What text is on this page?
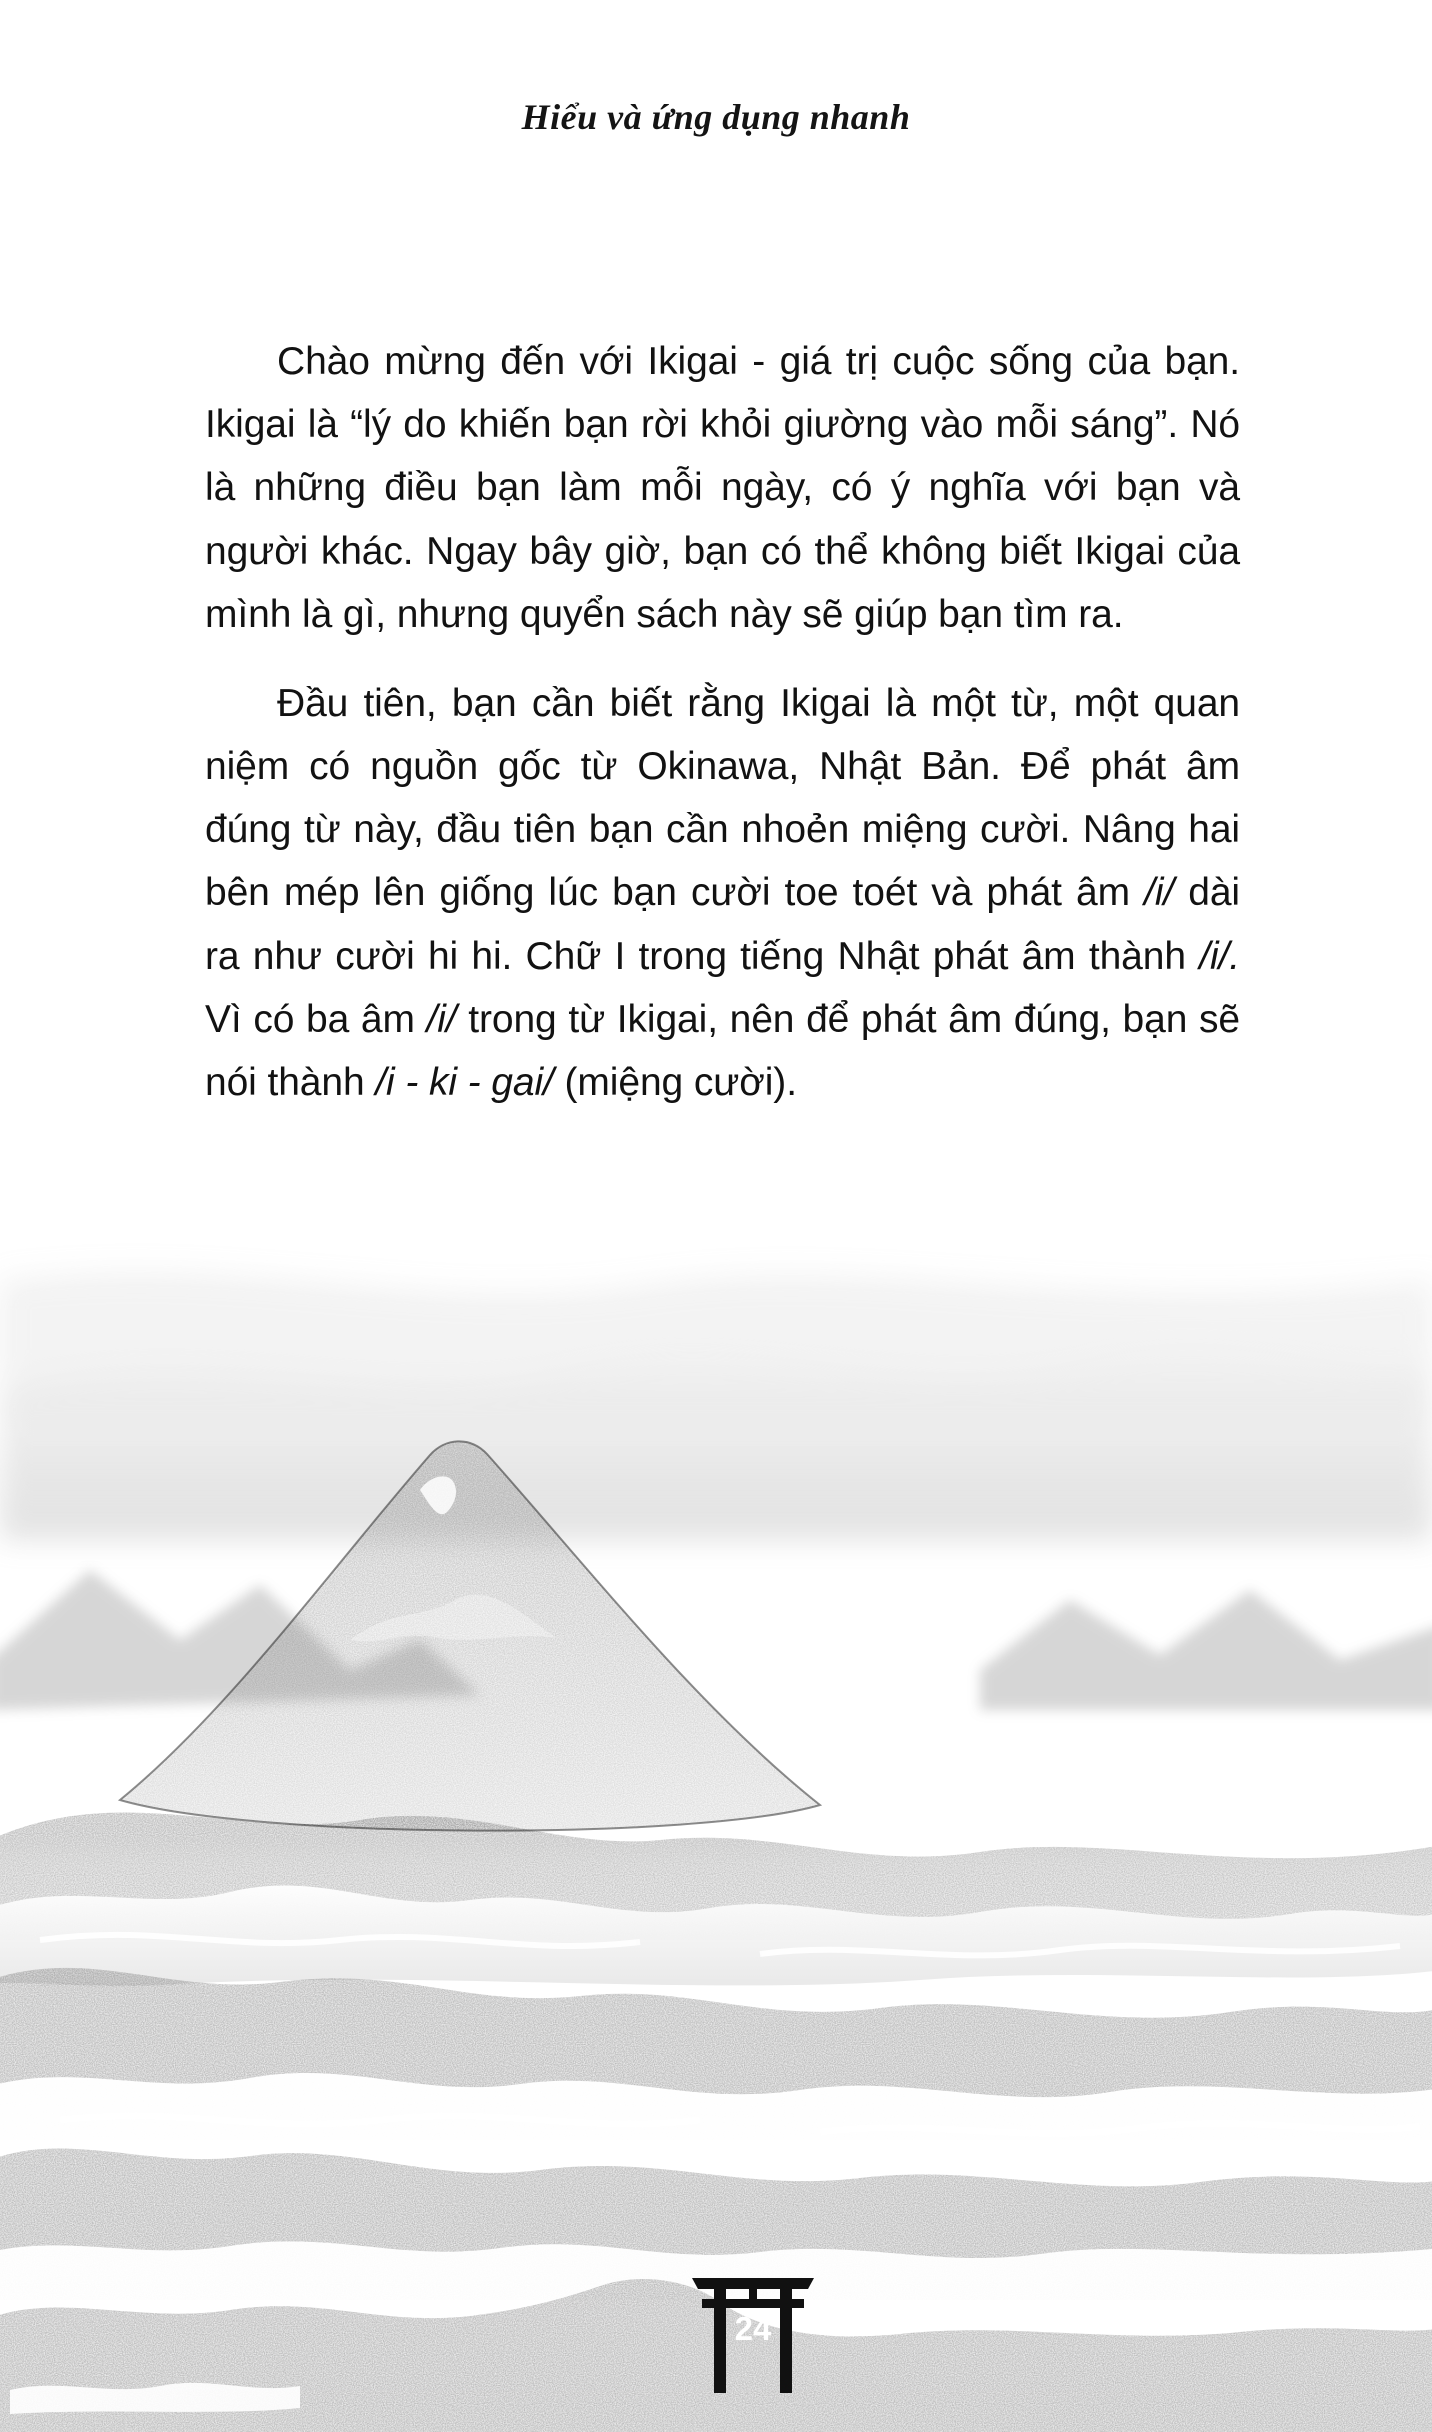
Hiểu và ứng dụng nhanh

Chào mừng đến với Ikigai - giá trị cuộc sống của bạn. Ikigai là “lý do khiến bạn rời khỏi giường vào mỗi sáng”. Nó là những điều bạn làm mỗi ngày, có ý nghĩa với bạn và người khác. Ngay bây giờ, bạn có thể không biết Ikigai của mình là gì, nhưng quyển sách này sẽ giúp bạn tìm ra.

Đầu tiên, bạn cần biết rằng Ikigai là một từ, một quan niệm có nguồn gốc từ Okinawa, Nhật Bản. Để phát âm đúng từ này, đầu tiên bạn cần nhoẻn miệng cười. Nâng hai bên mép lên giống lúc bạn cười toe toét và phát âm /i/ dài ra như cười hi hi. Chữ I trong tiếng Nhật phát âm thành /i/. Vì có ba âm /i/ trong từ Ikigai, nên để phát âm đúng, bạn sẽ nói thành /i - ki - gai/ (miệng cười).

24
